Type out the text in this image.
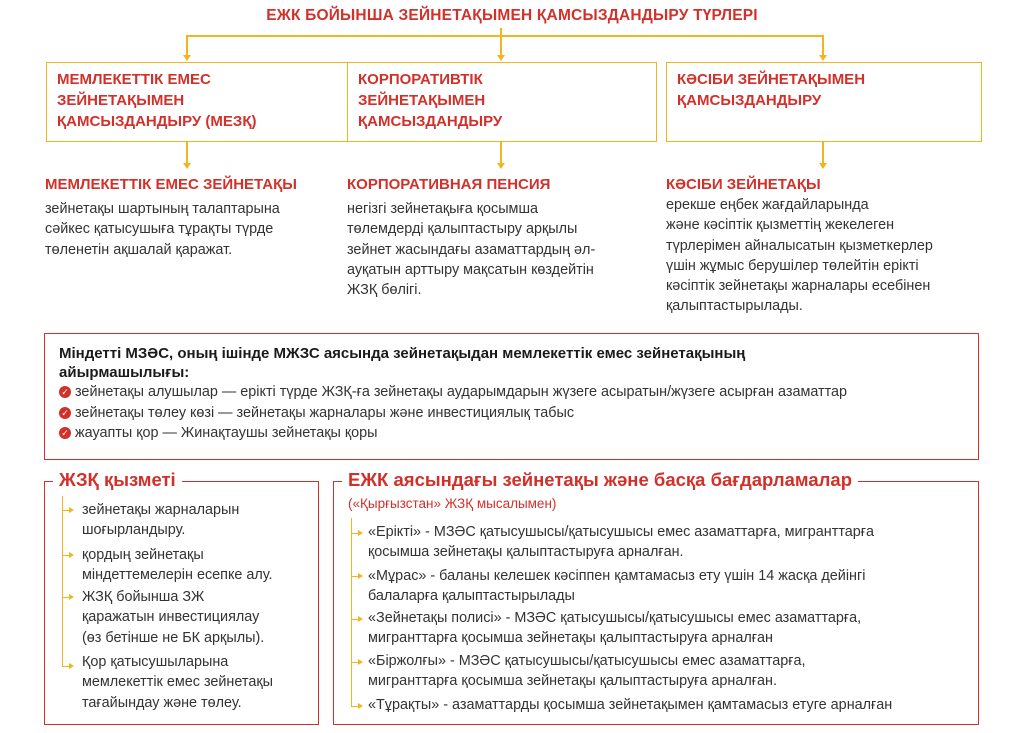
ЕЖК БОЙЫНША ЗЕЙНЕТАҚЫМЕН ҚАМСЫЗДАНДЫРУ ТҮРЛЕРІ
МЕМЛЕКЕТТІК ЕМЕС
ЗЕЙНЕТАҚЫМЕН
ҚАМСЫЗДАНДЫРУ (МЕЗҚ)
КОРПОРАТИВТІК
ЗЕЙНЕТАҚЫМЕН
ҚАМСЫЗДАНДЫРУ
КӘСІБИ ЗЕЙНЕТАҚЫМЕН
ҚАМСЫЗДАНДЫРУ
МЕМЛЕКЕТТІК ЕМЕС ЗЕЙНЕТАҚЫ
зейнетақы шартының талаптарына
сәйкес қатысушыға тұрақты түрде
төленетін ақшалай қаражат.
КОРПОРАТИВНАЯ ПЕНСИЯ
негізгі зейнетақыға қосымша
төлемдерді қалыптастыру арқылы
зейнет жасындағы азаматтардың әл-
ауқатын арттыру мақсатын көздейтін
ЖЗҚ бөлігі.
КӘСІБИ ЗЕЙНЕТАҚЫ
ерекше еңбек жағдайларында
және кәсіптік қызметтің жекелеген
түрлерімен айналысатын қызметкерлер
үшін жұмыс берушілер төлейтін ерікті
кәсіптік зейнетақы жарналары есебінен
қалыптастырылады.
Міндетті МЗӘС, оның ішінде МЖЗС аясында зейнетақыдан мемлекеттік емес зейнетақының
айырмашылығы:
✓ зейнетақы алушылар — ерікті түрде ЖЗҚ-ға зейнетақы аударымдарын жүзеге асыратын/жүзеге асырған азаматтар
✓ зейнетақы төлеу көзі — зейнетақы жарналары және инвестициялық табыс
✓ жауапты қор — Жинақтаушы зейнетақы қоры
ЖЗҚ қызметі
зейнетақы жарналарын
шоғырландыру.
қордың зейнетақы
міндеттемелерін есепке алу.
ЖЗҚ бойынша ЗЖ
қаражатын инвестициялау
(өз бетінше не БК арқылы).
Қор қатысушыларына
мемлекеттік емес зейнетақы
тағайындау және төлеу.
ЕЖК аясындағы зейнетақы және басқа бағдарламалар
(«Қырғызстан» ЖЗҚ мысалымен)
«Ерікті» - МЗӘС қатысушысы/қатысушысы емес азаматтарға, мигранттарға
қосымша зейнетақы қалыптастыруға арналған.
«Мұрас» - баланы келешек кәсіппен қамтамасыз ету үшін 14 жасқа дейінгі
балаларға қалыптастырылады
«Зейнетақы полисі» - МЗӘС қатысушысы/қатысушысы емес азаматтарға,
мигранттарға қосымша зейнетақы қалыптастыруға арналған
«Біржолғы» - МЗӘС қатысушысы/қатысушысы емес азаматтарға,
мигранттарға қосымша зейнетақы қалыптастыруға арналған.
«Тұрақты» - азаматтарды қосымша зейнетақымен қамтамасыз етуге арналған
